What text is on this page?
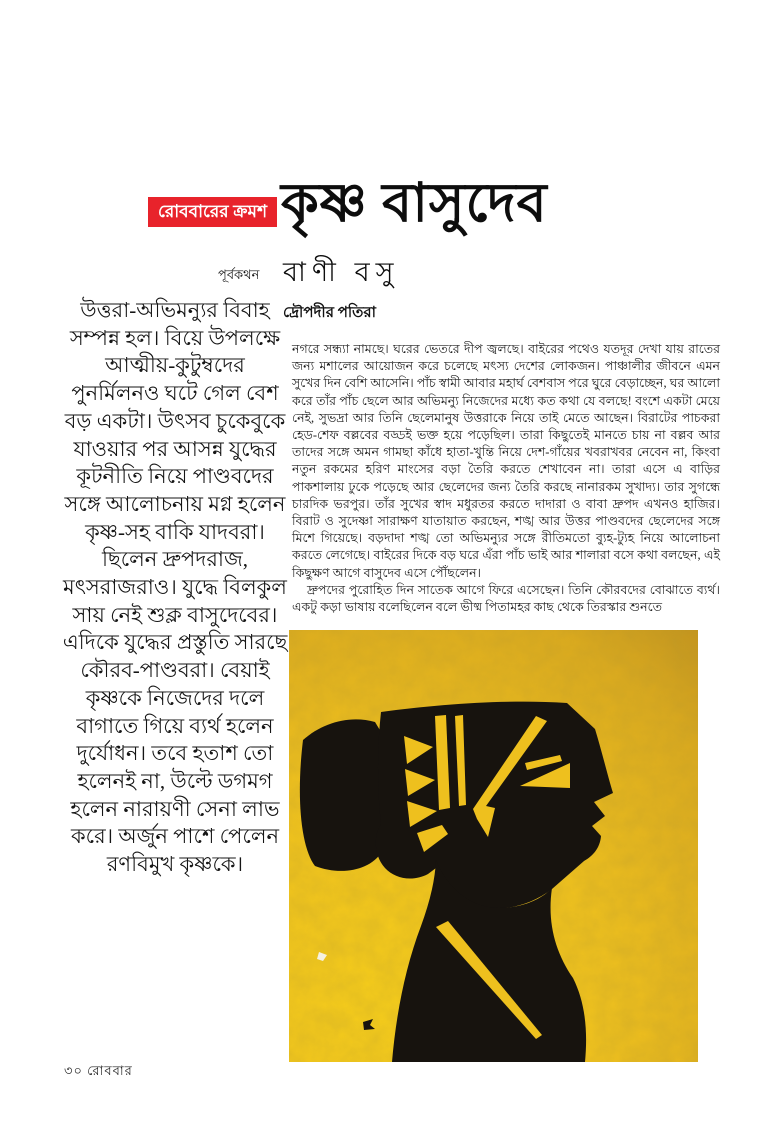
রোববারের ক্রমশ কৃষ্ণ বাসুদেব
পূর্বকথন বাণী বসু
দ্রৌপদীর পতিরা
উত্তরা-অভিমন্যুর বিবাহ সম্পন্ন হল। বিয়ে উপলক্ষে আত্মীয়-কুটুম্বদের পুনর্মিলনও ঘটে গেল বেশ বড় একটা। উৎসব চুকেবুকে যাওয়ার পর আসন্ন যুদ্ধের কূটনীতি নিয়ে পাণ্ডবদের সঙ্গে আলোচনায় মগ্ন হলেন কৃষ্ণ-সহ বাকি যাদবরা। ছিলেন দ্রুপদরাজ, মৎসরাজরাও। যুদ্ধে বিলকুল সায় নেই শুক্ল বাসুদেবের। এদিকে যুদ্ধের প্রস্তুতি সারছে কৌরব-পাণ্ডবরা। বেয়াই কৃষ্ণকে নিজেদের দলে বাগাতে গিয়ে ব্যর্থ হলেন দুর্যোধন। তবে হতাশ তো হলেনই না, উল্টে ডগমগ হলেন নারায়ণী সেনা লাভ করে। অর্জুন পাশে পেলেন রণবিমুখ কৃষ্ণকে।

নগরে সন্ধ্যা নামছে। ঘরের ভেতরে দীপ জ্বলছে। বাইরের পথেও যতদূর দেখা যায় রাতের জন্য মশালের আয়োজন করে চলেছে মৎস্য দেশের লোকজন। পাঞ্চালীর জীবনে এমন সুখের দিন বেশি আসেনি। পাঁচ স্বামী আবার মহার্ঘ বেশবাস পরে ঘুরে বেড়াচ্ছেন, ঘর আলো করে তাঁর পাঁচ ছেলে আর অভিমন্যু নিজেদের মধ্যে কত কথা যে বলছে! বংশে একটা মেয়ে নেই, সুভদ্রা আর তিনি ছেলেমানুষ উত্তরাকে নিয়ে তাই মেতে আছেন। বিরাটের পাচকরা হেড-শেফ বল্লবের বড্ডই ভক্ত হয়ে পড়েছিল। তারা কিছুতেই মানতে চায় না বল্লব আর তাদের সঙ্গে অমন গামছা কাঁধে হাতা-খুন্তি নিয়ে দেশ-গাঁয়ের খবরাখবর নেবেন না, কিংবা নতুন রকমের হরিণ মাংসের বড়া তৈরি করতে শেখাবেন না। তারা এসে এ বাড়ির পাকশালায় ঢুকে পড়েছে আর ছেলেদের জন্য তৈরি করছে নানারকম সুখাদ্য। তার সুগন্ধে চারদিক ভরপুর। তাঁর সুখের স্বাদ মধুরতর করতে দাদারা ও বাবা দ্রুপদ এখনও হাজির। বিরাট ও সুদেষ্ণা সারাক্ষণ যাতায়াত করছেন, শঙ্খ আর উত্তর পাণ্ডবদের ছেলেদের সঙ্গে মিশে গিয়েছে। বড়দাদা শঙ্খ তো অভিমন্যুর সঙ্গে রীতিমতো ব্যুহ-ট্যুহ নিয়ে আলোচনা করতে লেগেছে। বাইরের দিকে বড় ঘরে এঁরা পাঁচ ভাই আর শালারা বসে কথা বলছেন, এই কিছুক্ষণ আগে বাসুদেব এসে পৌঁছলেন।

দ্রুপদের পুরোহিত দিন সাতেক আগে ফিরে এসেছেন। তিনি কৌরবদের বোঝাতে ব্যর্থ। একটু কড়া ভাষায় বলেছিলেন বলে ভীষ্ম পিতামহর কাছ থেকে তিরস্কার শুনতে

৩০ রোববার
